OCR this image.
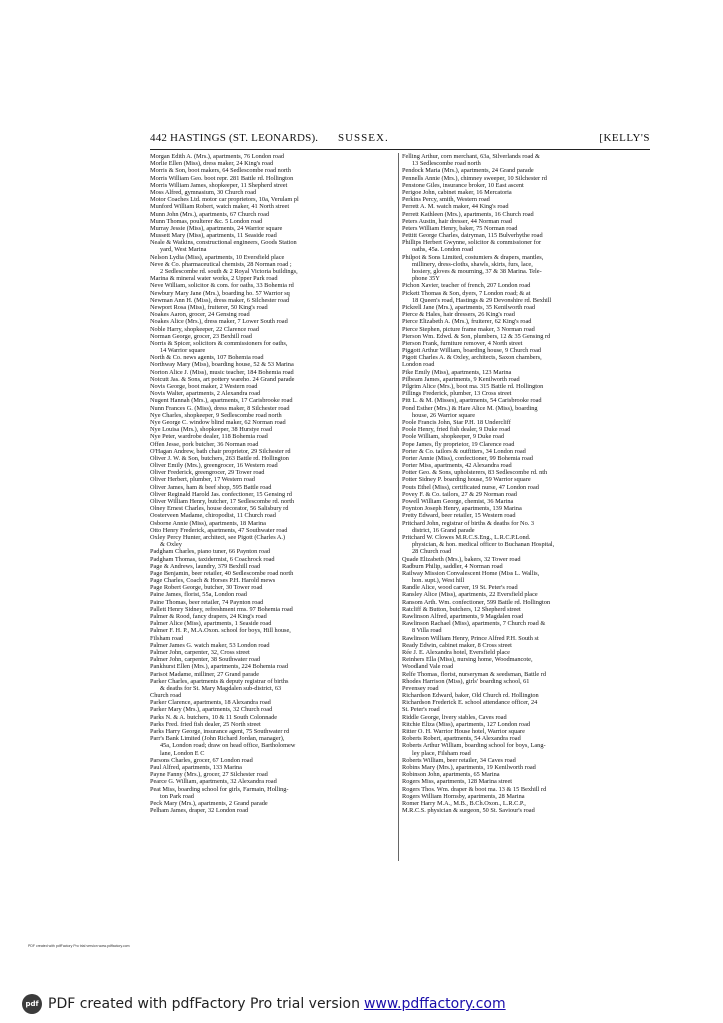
442 HASTINGS (ST. LEONARDS). SUSSEX.	[KELLY'S
Morgan Edith A. (Mrs.), apartments, 76 London road
Morlie Ellen (Miss), dress maker, 24 King's road
Morris & Son, boot makers, 64 Sedlescombe road north
Morris William Geo. boot repr. 281 Battle rd. Hollington
Morris William James, shopkeeper, 11 Shepherd street
Moss Alfred, gymnasium, 30 Church road
Motor Coaches Ltd. motor car proprietors, 10a, Verulam pl
Munford William Robert, watch maker, 41 North street
Munn John (Mrs.), apartments, 67 Church road
Munn Thomas, poulterer &c. 5 London road
Murray Jessie (Miss), apartments, 24 Warrior square
Mussett Mary (Miss), apartments, 11 Seaside road
Neale & Watkins, constructional engineers, Goods Station
yard, West Marina
Nelson Lydia (Miss), apartments, 10 Eversfield place
Neve & Co. pharmaceutical chemists, 28 Norman road ;
2 Sedlescombe rd. south & 2 Royal Victoria buildings,
Marina & mineral water works, 2 Upper Park road
Neve William, solicitor & com. for oaths, 33 Bohemia rd
Newbury Mary Jane (Mrs.), boarding ho. 57 Warrior sq
Newman Ann H. (Miss), dress maker, 6 Silchester road
Newport Rosa (Miss), fruiterer, 50 King's road
Noakes Aaron, grocer, 24 Gensing road
Noakes Alice (Mrs.), dress maker, 7 Lower South road
Noble Harry, shopkeeper, 22 Clarence road
Norman George, grocer, 23 Bexhill road
Norris & Spicer, solicitors & commissioners for oaths,
14 Warrior square
North & Co. news agents, 107 Bohemia road
Northway Mary (Miss), boarding house, 52 & 53 Marina
Norton Alice J. (Miss), music teacher, 184 Bohemia road
Notcutt Jas. & Sons, art pottery wareho. 24 Grand parade
Novis George, boot maker, 2 Western road
Novis Walter, apartments, 2 Alexandra road
Nugent Hannah (Mrs.), apartments, 17 Carisbrooke road
Nunn Frances G. (Miss), dress maker, 8 Silchester road
Nye Charles, shopkeeper, 9 Sedlescombe road north
Nye George C. window blind maker, 62 Norman road
Nye Louisa (Mrs.), shopkeeper, 38 Hurstye road
Nye Peter, wardrobe dealer, 118 Bohemia road
Offen Jesse, pork butcher, 36 Norman road
O'Hagan Andrew, bath chair proprietor, 29 Silchester rd
Oliver J. W. & Son, butchers, 263 Battle rd. Hollington
Oliver Emily (Mrs.), greengrocer, 16 Western road
Oliver Frederick, greengrocer, 29 Tower road
Oliver Herbert, plumber, 17 Western road
Oliver James, ham & beef shop, 595 Battle road
Oliver Reginald Harold Jas. confectioner, 15 Gensing rd
Oliver William Henry, butcher, 17 Sedlescombe rd. north
Olney Ernest Charles, house decorator, 56 Salisbury rd
Oosterveen Madame, chiropodist, 11 Church road
Osborne Annie (Miss), apartments, 18 Marina
Otto Henry Frederick, apartments, 47 Southwater road
Oxley Percy Hunter, architect, see Pigott (Charles A.)
& Oxley
Padgham Charles, piano tuner, 66 Paynton road
Padgham Thomas, taxidermist, 6 Coachrock road
Page & Andrews, laundry, 379 Bexhill road
Page Benjamin, beer retailer, 40 Sedlescombe road north
Page Charles, Coach & Horses P.H. Harold mews
Page Robert George, butcher, 30 Tower road
Paine James, florist, 55a, London road
Paine Thomas, beer retailer, 74 Paynton road
Pallett Henry Sidney, refreshment rms. 97 Bohemia road
Palmer & Rood, fancy drapers, 24 King's road
Palmer Alice (Miss), apartments, 1 Seaside road
Palmer F. H. P., M.A.Oxon. school for boys, Hill house,
Filsham road
Palmer James G. watch maker, 53 London road
Palmer John, carpenter, 32, Cross street
Palmer John, carpenter, 38 Southwater road
Pankhurst Ellen (Mrs.), apartments, 224 Bohemia road
Parisot Madame, milliner, 27 Grand parade
Parker Charles, apartments & deputy registrar of births
& deaths for St. Mary Magdalen sub-district, 63
Church road
Parker Clarence, apartments, 18 Alexandra road
Parker Mary (Mrs.), apartments, 32 Church road
Parks N. & A. butchers, 10 & 11 South Colonnade
Parks Fred. fried fish dealer, 25 North street
Parks Harry George, insurance agent, 75 Southwater rd
Parr's Bank Limited (John Richard Jordan, manager),
45a, London road; draw on head office, Bartholomew
lane, London E C
Parsons Charles, grocer, 67 London road
Paul Alfred, apartments, 133 Marina
Payne Fanny (Mrs.), grocer, 27 Silchester road
Pearce G. William, apartments, 32 Alexandra road
Peat Miss, boarding school for girls, Farmain, Holling-
ton Park road
Peck Mary (Mrs.), apartments, 2 Grand parade
Pelham James, draper, 32 London road
Felling Arthur, corn merchant, 63a, Silverlands road &
13 Sedlescombe road north
Pendock Maria (Mrs.), apartments, 24 Grand parade
Pennells Annie (Mrs.), chimney sweeper, 10 Silchester rd
Penstone Giles, insurance broker, 10 East ascent
Perigoe John, cabinet maker, 16 Mercatoria
Perkins Percy, smith, Western road
Perrett A. M. watch maker, 44 King's road
Perrett Kathleen (Mrs.), apartments, 16 Church road
Peters Austin, hair dresser, 44 Norman road
Peters William Henry, baker, 75 Norman road
Pettitt George Charles, dairyman, 115 Bulverhythe road
Phillips Herbert Gwynne, solicitor & commissioner for
oaths, 45a. London road
Philpot & Sons Limited, costumiers & drapers, mantles,
millinery, dress-cloths, shawls, skirts, furs, lace,
hosiery, gloves & mourning, 37 & 38 Marina. Tele-
phone 35Y
Pichon Xavier, teacher of french, 207 London road
Pickett Thomas & Son, dyers, 7 London road; & at
18 Queen's road, Hastings & 29 Devonshire rd. Bexhill
Pickrell Jane (Mrs.), apartments, 35 Kenilworth road
Pierce & Hales, hair dressers, 26 King's road
Pierce Elizabeth A. (Mrs.), fruiterer, 62 King's road
Pierce Stephen, picture frame maker, 3 Norman road
Pierson Wm. Edwd. & Son, plumbers, 12 & 35 Gensing rd
Pierson Frank, furniture remover, 4 North street
Piggott Arthur William, boarding house, 9 Church road
Pigott Charles A. & Oxley, architects, Saxon chambers,
London road
Pike Emily (Miss), apartments, 123 Marina
Pilbeam James, apartments, 9 Kenilworth road
Pilgrim Alice (Mrs.), boot ma. 315 Battle rd. Hollington
Pillings Frederick, plumber, 13 Cross street
Pitt L. & M. (Misses), apartments, 54 Carisbrooke road
Pond Esther (Mrs.) & Hare Alice M. (Miss), boarding
house, 26 Warrior square
Poole Francis John, Star P.H. 18 Undercliff
Poole Henry, fried fish dealer, 9 Duke road
Poole William, shopkeeper, 9 Duke road
Pope James, fly proprietor, 19 Clarence road
Porter & Co. tailors & outfitters, 34 London road
Porter Annie (Miss), confectioner, 99 Bohemia road
Porter Miss, apartments, 42 Alexandra road
Potter Geo. & Sons, upholsterers, 83 Sedlescombe rd. nth
Potter Sidney P. boarding house, 59 Warrior square
Pouts Ethel (Miss), certificated nurse, 47 London road
Povey F. & Co. tailors, 27 & 29 Norman road
Powell William George, chemist, 36 Marina
Poynton Joseph Henry, apartments, 139 Marina
Pretty Edward, beer retailer, 15 Western road
Pritchard John, registrar of births & deaths for No. 3
district, 16 Grand parade
Pritchard W. Clowes M.R.C.S.Eng., L.R.C.P.Lond.
physician, & hon. medical officer to Buchanan Hospital,
28 Church road
Quade Elizabeth (Mrs.), bakers, 32 Tower road
Radburn Philip, saddler, 4 Norman road
Railway Mission Convalescent Home (Miss L. Wallis,
hon. supt.), West hill
Randle Alice, wood carver, 19 St. Peter's road
Ransley Alice (Miss), apartments, 22 Eversfield place
Ransom Arth. Wm. confectioner, 599 Battle rd. Hollington
Ratcliff & Button, butchers, 12 Shepherd street
Rawlinson Alfred, apartments, 9 Magdalen road
Rawlinson Rachael (Miss), apartments, 7 Church road &
8 Villa road
Rawlinson William Henry, Prince Alfred P.H. South st
Ready Edwin, cabinet maker, 8 Cross street
Rée J. E. Alexandra hotel, Eversfield place
Reinhers Ella (Miss), nursing home, Woodmancote,
Woodland Vale road
Relfe Thomas, florist, nurseryman & seedsman, Battle rd
Rhodes Harrison (Miss), girls' boarding school, 61
Pevensey road
Richardson Edward, baker, Old Church rd. Hollington
Richardson Frederick E. school attendance officer, 24
St. Peter's road
Riddle George, livery stables, Caves road
Ritchie Eliza (Miss), apartments, 127 London road
Ritter O. H. Warrior House hotel, Warrior square
Roberts Robert, apartments, 54 Alexandra road
Roberts Arthur William, boarding school for boys, Lang-
ley place, Filsham road
Roberts William, beer retailer, 34 Caves road
Robins Mary (Mrs.), apartments, 19 Kenilworth road
Robinson John, apartments, 65 Marina
Rogers Miss, apartments, 128 Marina street
Rogers Thos. Wm. draper & boot ma. 13 & 15 Bexhill rd
Rogers William Hornsby, apartments, 28 Marina
Romer Harry M.A., M.B., B.Ch.Oxon., L.R.C.P.,
M.R.C.S. physician & surgeon, 50 St. Saviour's road
PDF created with pdfFactory Pro trial version www.pdffactory.com
pdf PDF created with pdfFactory Pro trial version www.pdffactory.com
